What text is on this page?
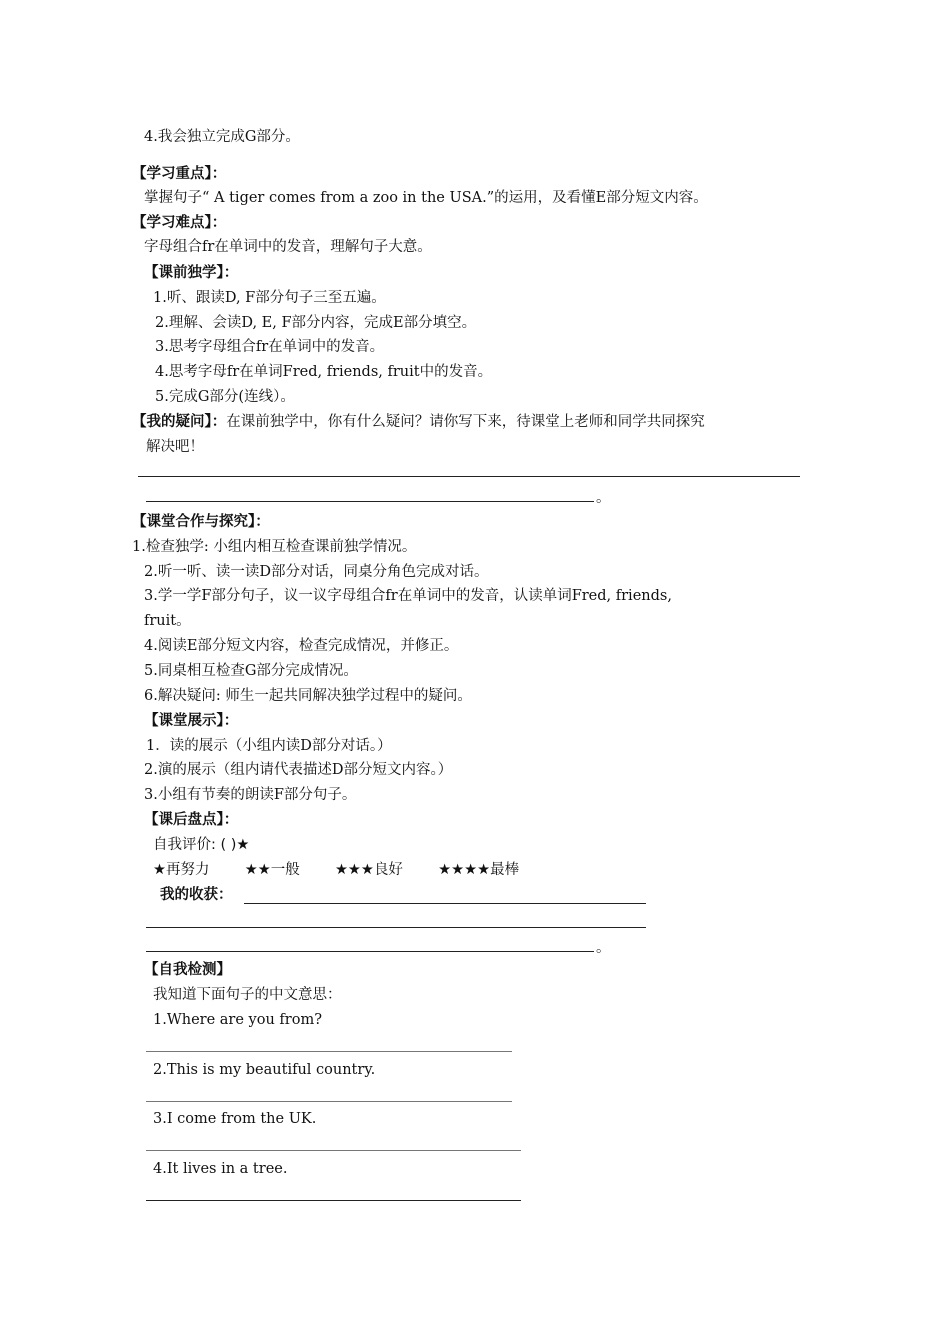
4.我会独立完成G部分。
【学习重点】：
掌握句子“ A tiger comes from a zoo in the USA.”的运用，及看懂E部分短文内容。
【学习难点】：
字母组合fr在单词中的发音，理解句子大意。
【课前独学】：
1.听、跟读D, F部分句子三至五遍。
2.理解、会读D, E, F部分内容，完成E部分填空。
3.思考字母组合fr在单词中的发音。
4.思考字母fr在单词Fred, friends, fruit中的发音。
5.完成G部分(连线）。
【我的疑问】：在课前独学中，你有什么疑问？请你写下来，待课堂上老师和同学共同探究
解决吧！
。
【课堂合作与探究】：
1.检查独学: 小组内相互检查课前独学情况。
2.听一听、读一读D部分对话，同桌分角色完成对话。
3.学一学F部分句子，议一议字母组合fr在单词中的发音，认读单词Fred, friends,
fruit。
4.阅读E部分短文内容，检查完成情况，并修正。
5.同桌相互检查G部分完成情况。
6.解决疑问: 师生一起共同解决独学过程中的疑问。
【课堂展示】：
1．读的展示（小组内读D部分对话。）
2.演的展示（组内请代表描述D部分短文内容。）
3.小组有节奏的朗读F部分句子。
【课后盘点】：
自我评价: ( )★
★再努力 ★★一般 ★★★良好 ★★★★最棒
我的收获：
。
【自我检测】
我知道下面句子的中文意思：
1.Where are you from?
2.This is my beautiful country.
3.I come from the UK.
4.It lives in a tree.
